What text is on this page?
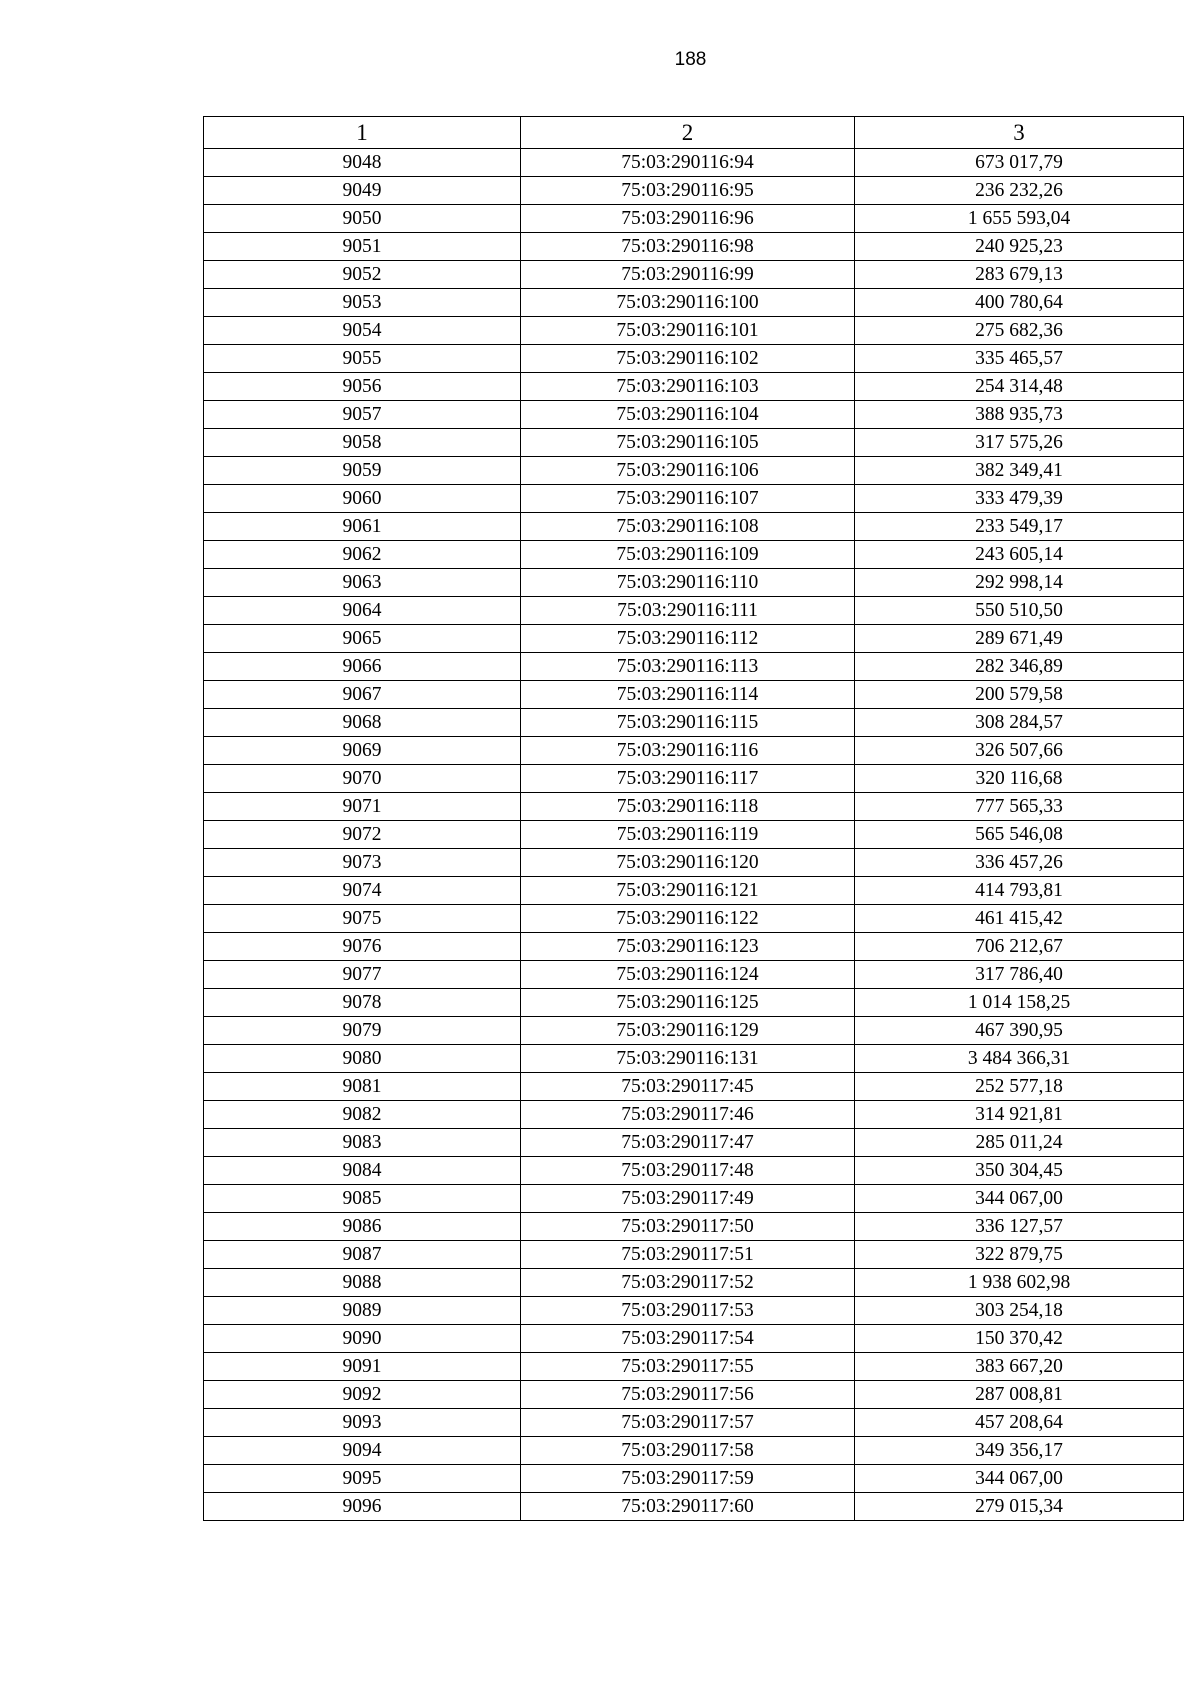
188
1	2	3
9048	75:03:290116:94	673 017,79
9049	75:03:290116:95	236 232,26
9050	75:03:290116:96	1 655 593,04
9051	75:03:290116:98	240 925,23
9052	75:03:290116:99	283 679,13
9053	75:03:290116:100	400 780,64
9054	75:03:290116:101	275 682,36
9055	75:03:290116:102	335 465,57
9056	75:03:290116:103	254 314,48
9057	75:03:290116:104	388 935,73
9058	75:03:290116:105	317 575,26
9059	75:03:290116:106	382 349,41
9060	75:03:290116:107	333 479,39
9061	75:03:290116:108	233 549,17
9062	75:03:290116:109	243 605,14
9063	75:03:290116:110	292 998,14
9064	75:03:290116:111	550 510,50
9065	75:03:290116:112	289 671,49
9066	75:03:290116:113	282 346,89
9067	75:03:290116:114	200 579,58
9068	75:03:290116:115	308 284,57
9069	75:03:290116:116	326 507,66
9070	75:03:290116:117	320 116,68
9071	75:03:290116:118	777 565,33
9072	75:03:290116:119	565 546,08
9073	75:03:290116:120	336 457,26
9074	75:03:290116:121	414 793,81
9075	75:03:290116:122	461 415,42
9076	75:03:290116:123	706 212,67
9077	75:03:290116:124	317 786,40
9078	75:03:290116:125	1 014 158,25
9079	75:03:290116:129	467 390,95
9080	75:03:290116:131	3 484 366,31
9081	75:03:290117:45	252 577,18
9082	75:03:290117:46	314 921,81
9083	75:03:290117:47	285 011,24
9084	75:03:290117:48	350 304,45
9085	75:03:290117:49	344 067,00
9086	75:03:290117:50	336 127,57
9087	75:03:290117:51	322 879,75
9088	75:03:290117:52	1 938 602,98
9089	75:03:290117:53	303 254,18
9090	75:03:290117:54	150 370,42
9091	75:03:290117:55	383 667,20
9092	75:03:290117:56	287 008,81
9093	75:03:290117:57	457 208,64
9094	75:03:290117:58	349 356,17
9095	75:03:290117:59	344 067,00
9096	75:03:290117:60	279 015,34
